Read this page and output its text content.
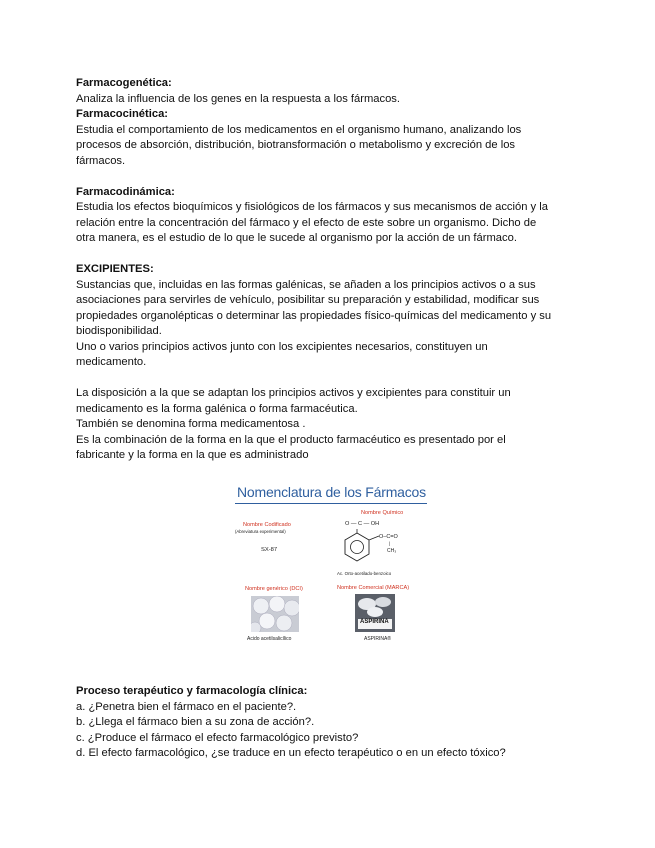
Farmacogenética:
Analiza la influencia de los genes en la respuesta a los fármacos.
Farmacocinética:
Estudia el comportamiento de los medicamentos en el organismo humano, analizando los
procesos de absorción, distribución, biotransformación o metabolismo y excreción de los
fármacos.
Farmacodinámica:
Estudia los efectos bioquímicos y fisiológicos de los fármacos y sus mecanismos de acción y la
relación entre la concentración del fármaco y el efecto de este sobre un organismo. Dicho de
otra manera, es el estudio de lo que le sucede al organismo por la acción de un fármaco.
EXCIPIENTES:
Sustancias que, incluidas en las formas galénicas, se añaden a los principios activos o a sus
asociaciones para servirles de vehículo, posibilitar su preparación y estabilidad, modificar sus
propiedades organolépticas o determinar las propiedades físico-químicas del medicamento y su
biodisponibilidad.
Uno o varios principios activos junto con los excipientes necesarios, constituyen un
medicamento.
La disposición a la que se adaptan los principios activos y excipientes para constituir un
medicamento es la forma galénica o forma farmacéutica.
También se denomina forma medicamentosa .
Es la combinación de la forma en la que el producto farmacéutico es presentado por el
fabricante y la forma en la que es administrado
Nomenclatura de los Fármacos
Nombre Codificado
(Abreviatura experimental)
SX-87
Nombre Químico
O — C — OH
O–C=O
|
CH₃
Ac. Orto-acetilado-benzoico
Nombre genérico (DCI)
Acido acetilsalicílico
Nombre Comercial (MARCA)
ASPIRINA
ASPIRINA®
Proceso terapéutico y farmacología clínica:
a. ¿Penetra bien el fármaco en el paciente?.
b. ¿Llega el fármaco bien a su zona de acción?.
c. ¿Produce el fármaco el efecto farmacológico previsto?
d. El efecto farmacológico, ¿se traduce en un efecto terapéutico o en un efecto tóxico?
